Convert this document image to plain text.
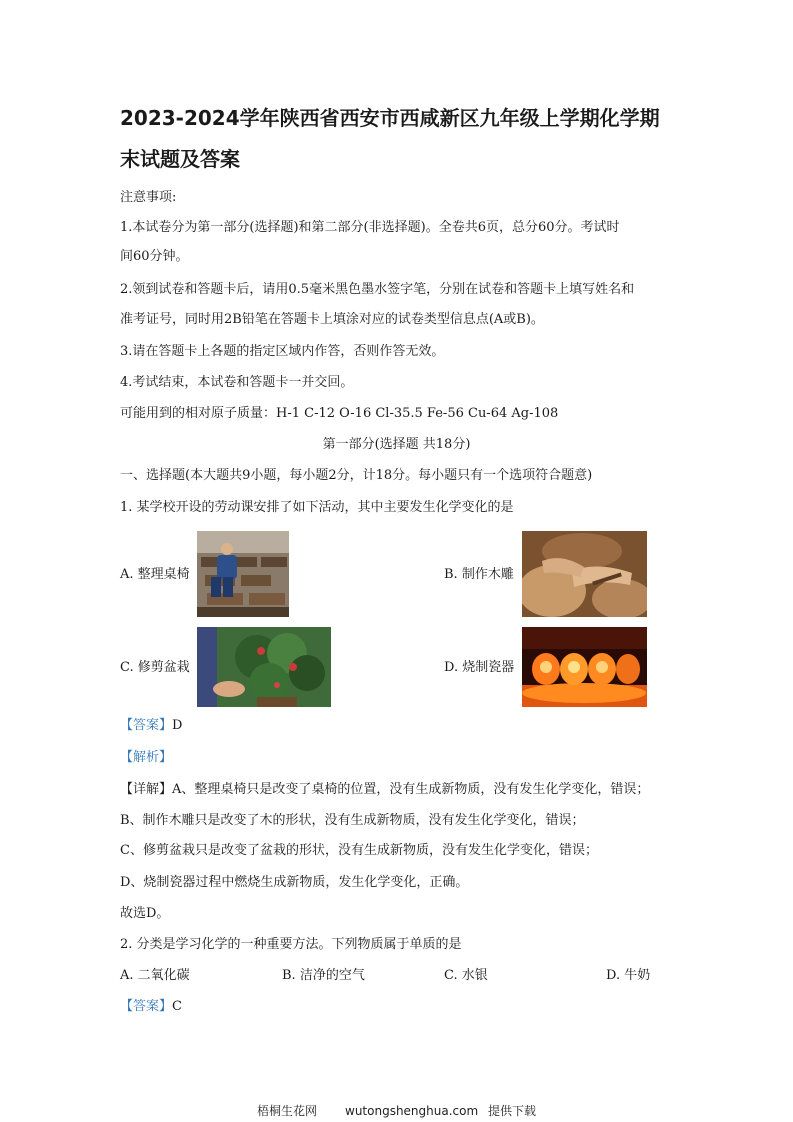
2023-2024学年陕西省西安市西咸新区九年级上学期化学期
末试题及答案
注意事项:
1.本试卷分为第一部分(选择题)和第二部分(非选择题)。全卷共6页，总分60分。考试时
间60分钟。
2.领到试卷和答题卡后，请用0.5毫米黑色墨水签字笔，分别在试卷和答题卡上填写姓名和
准考证号，同时用2B铅笔在答题卡上填涂对应的试卷类型信息点(A或B)。
3.请在答题卡上各题的指定区域内作答，否则作答无效。
4.考试结束，本试卷和答题卡一并交回。
可能用到的相对原子质量：H-1 C-12 O-16 Cl-35.5 Fe-56 Cu-64 Ag-108
第一部分(选择题 共18分)
一、选择题(本大题共9小题，每小题2分，计18分。每小题只有一个选项符合题意)
1. 某学校开设的劳动课安排了如下活动，其中主要发生化学变化的是
A. 整理桌椅	B. 制作木雕
C. 修剪盆栽	D. 烧制瓷器
【答案】D
【解析】
【详解】A、整理桌椅只是改变了桌椅的位置，没有生成新物质，没有发生化学变化，错误；
B、制作木雕只是改变了木的形状，没有生成新物质，没有发生化学变化，错误；
C、修剪盆栽只是改变了盆栽的形状，没有生成新物质，没有发生化学变化，错误；
D、烧制瓷器过程中燃烧生成新物质，发生化学变化，正确。
故选D。
2. 分类是学习化学的一种重要方法。下列物质属于单质的是
A. 二氧化碳	B. 洁净的空气	C. 水银	D. 牛奶
【答案】C
梧桐生花网 wutongshenghua.com 提供下载
